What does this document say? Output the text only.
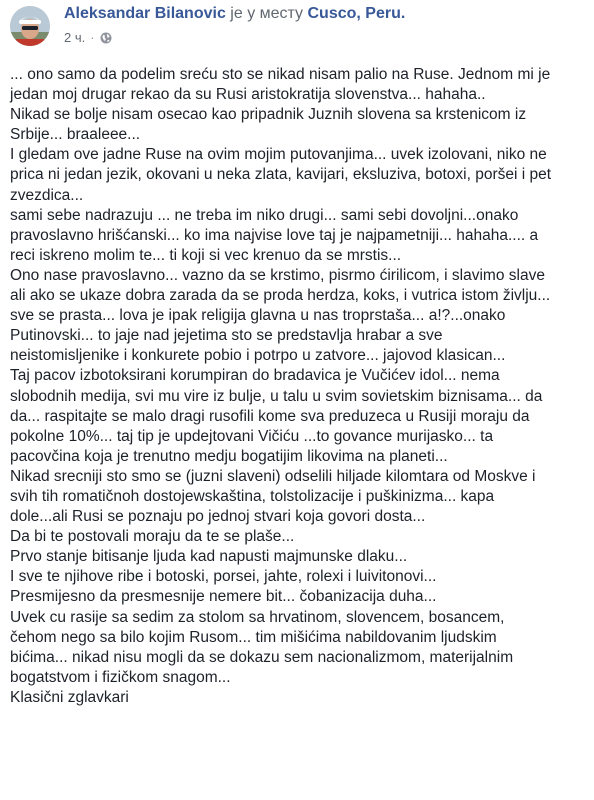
Aleksandar Bilanovic је у месту Cusco, Peru.
2 ч. ·
... ono samo da podelim sreću sto se nikad nisam palio na Ruse. Jednom mi je
jedan moj drugar rekao da su Rusi aristokratija slovenstva... hahaha..
Nikad se bolje nisam osecao kao pripadnik Juznih slovena sa krstenicom iz
Srbije... braaleee...
I gledam ove jadne Ruse na ovim mojim putovanjima... uvek izolovani, niko ne
prica ni jedan jezik, okovani u neka zlata, kavijari, eksluziva, botoxi, poršei i pet
zvezdica...
sami sebe nadrazuju ... ne treba im niko drugi... sami sebi dovoljni...onako
pravoslavno hrišćanski... ko ima najvise love taj je najpametniji... hahaha.... a
reci iskreno molim te... ti koji si vec krenuo da se mrstis...
Ono nase pravoslavno... vazno da se krstimo, pisrmo ćirilicom, i slavimo slave
ali ako se ukaze dobra zarada da se proda herdza, koks, i vutrica istom življu...
sve se prasta... lova je ipak religija glavna u nas troprstaša... a!?...onako
Putinovski... to jaje nad jejetima sto se predstavlja hrabar a sve
neistomisljenike i konkurete pobio i potrpo u zatvore... jajovod klasican...
Taj pacov izbotoksirani korumpiran do bradavica je Vučićev idol... nema
slobodnih medija, svi mu vire iz bulje, u talu u svim sovietskim biznisama... da
da... raspitajte se malo dragi rusofili kome sva preduzeca u Rusiji moraju da
pokolne 10%... taj tip je updejtovani Vičiću ...to govance murijasko... ta
pacovčina koja je trenutno medju bogatijim likovima na planeti...
Nikad srecniji sto smo se (juzni slaveni) odselili hiljade kilomtara od Moskve i
svih tih romatičnoh dostojewskaština, tolstolizacije i puškinizma... kapa
dole...ali Rusi se poznaju po jednoj stvari koja govori dosta...
Da bi te postovali moraju da te se plaše...
Prvo stanje bitisanje ljuda kad napusti majmunske dlaku...
I sve te njihove ribe i botoski, porsei, jahte, rolexi i luivitonovi...
Presmijesno da presmesnije nemere bit... čobanizacija duha...
Uvek cu rasije sa sedim za stolom sa hrvatinom, slovencem, bosancem,
čehom nego sa bilo kojim Rusom... tim mišićima nabildovanim ljudskim
bićima... nikad nisu mogli da se dokazu sem nacionalizmom, materijalnim
bogatstvom i fizičkom snagom...
Klasični zglavkari
